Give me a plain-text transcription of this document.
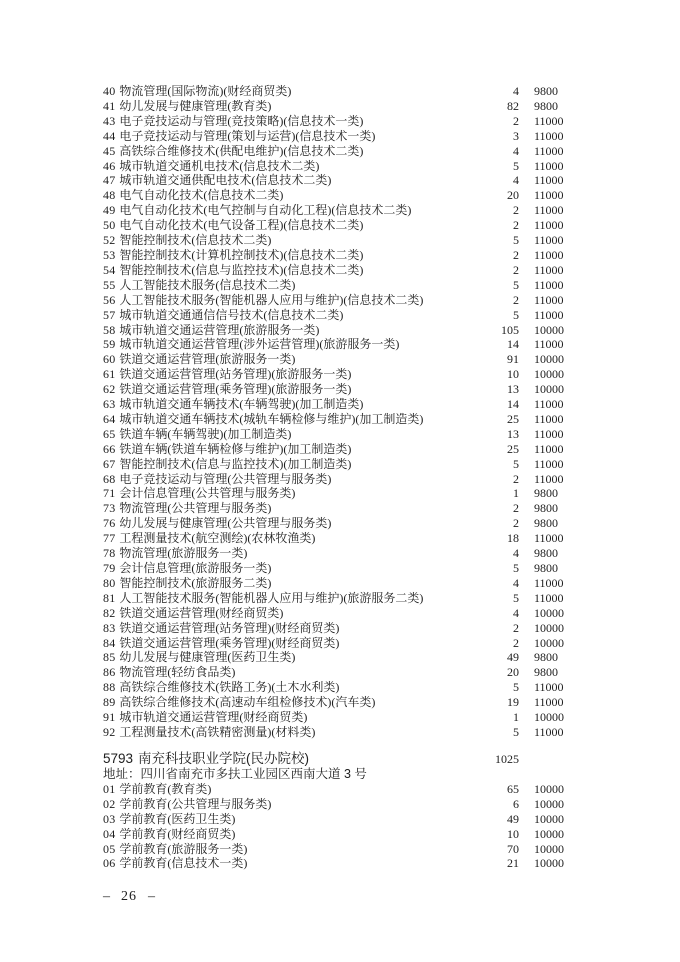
40 物流管理(国际物流)(财经商贸类)	4 9800
41 幼儿发展与健康管理(教育类)	82 9800
43 电子竞技运动与管理(竞技策略)(信息技术一类)	2 11000
44 电子竞技运动与管理(策划与运营)(信息技术一类)	3 11000
45 高铁综合维修技术(供配电维护)(信息技术二类)	4 11000
46 城市轨道交通机电技术(信息技术二类)	5 11000
47 城市轨道交通供配电技术(信息技术二类)	4 11000
48 电气自动化技术(信息技术二类)	20 11000
49 电气自动化技术(电气控制与自动化工程)(信息技术二类)	2 11000
50 电气自动化技术(电气设备工程)(信息技术二类)	2 11000
52 智能控制技术(信息技术二类)	5 11000
53 智能控制技术(计算机控制技术)(信息技术二类)	2 11000
54 智能控制技术(信息与监控技术)(信息技术二类)	2 11000
55 人工智能技术服务(信息技术二类)	5 11000
56 人工智能技术服务(智能机器人应用与维护)(信息技术二类)	2 11000
57 城市轨道交通通信信号技术(信息技术二类)	5 11000
58 城市轨道交通运营管理(旅游服务一类)	105 10000
59 城市轨道交通运营管理(涉外运营管理)(旅游服务一类)	14 11000
60 铁道交通运营管理(旅游服务一类)	91 10000
61 铁道交通运营管理(站务管理)(旅游服务一类)	10 10000
62 铁道交通运营管理(乘务管理)(旅游服务一类)	13 10000
63 城市轨道交通车辆技术(车辆驾驶)(加工制造类)	14 11000
64 城市轨道交通车辆技术(城轨车辆检修与维护)(加工制造类)	25 11000
65 铁道车辆(车辆驾驶)(加工制造类)	13 11000
66 铁道车辆(铁道车辆检修与维护)(加工制造类)	25 11000
67 智能控制技术(信息与监控技术)(加工制造类)	5 11000
68 电子竞技运动与管理(公共管理与服务类)	2 11000
71 会计信息管理(公共管理与服务类)	1 9800
73 物流管理(公共管理与服务类)	2 9800
76 幼儿发展与健康管理(公共管理与服务类)	2 9800
77 工程测量技术(航空测绘)(农林牧渔类)	18 11000
78 物流管理(旅游服务一类)	4 9800
79 会计信息管理(旅游服务一类)	5 9800
80 智能控制技术(旅游服务二类)	4 11000
81 人工智能技术服务(智能机器人应用与维护)(旅游服务二类)	5 11000
82 铁道交通运营管理(财经商贸类)	4 10000
83 铁道交通运营管理(站务管理)(财经商贸类)	2 10000
84 铁道交通运营管理(乘务管理)(财经商贸类)	2 10000
85 幼儿发展与健康管理(医药卫生类)	49 9800
86 物流管理(轻纺食品类)	20 9800
88 高铁综合维修技术(铁路工务)(土木水利类)	5 11000
89 高铁综合维修技术(高速动车组检修技术)(汽车类)	19 11000
91 城市轨道交通运营管理(财经商贸类)	1 10000
92 工程测量技术(高铁精密测量)(材料类)	5 11000
5793 南充科技职业学院(民办院校)	1025
地址：四川省南充市多扶工业园区西南大道 3 号
01 学前教育(教育类)	65 10000
02 学前教育(公共管理与服务类)	6 10000
03 学前教育(医药卫生类)	49 10000
04 学前教育(财经商贸类)	10 10000
05 学前教育(旅游服务一类)	70 10000
06 学前教育(信息技术一类)	21 10000
– 26 –
